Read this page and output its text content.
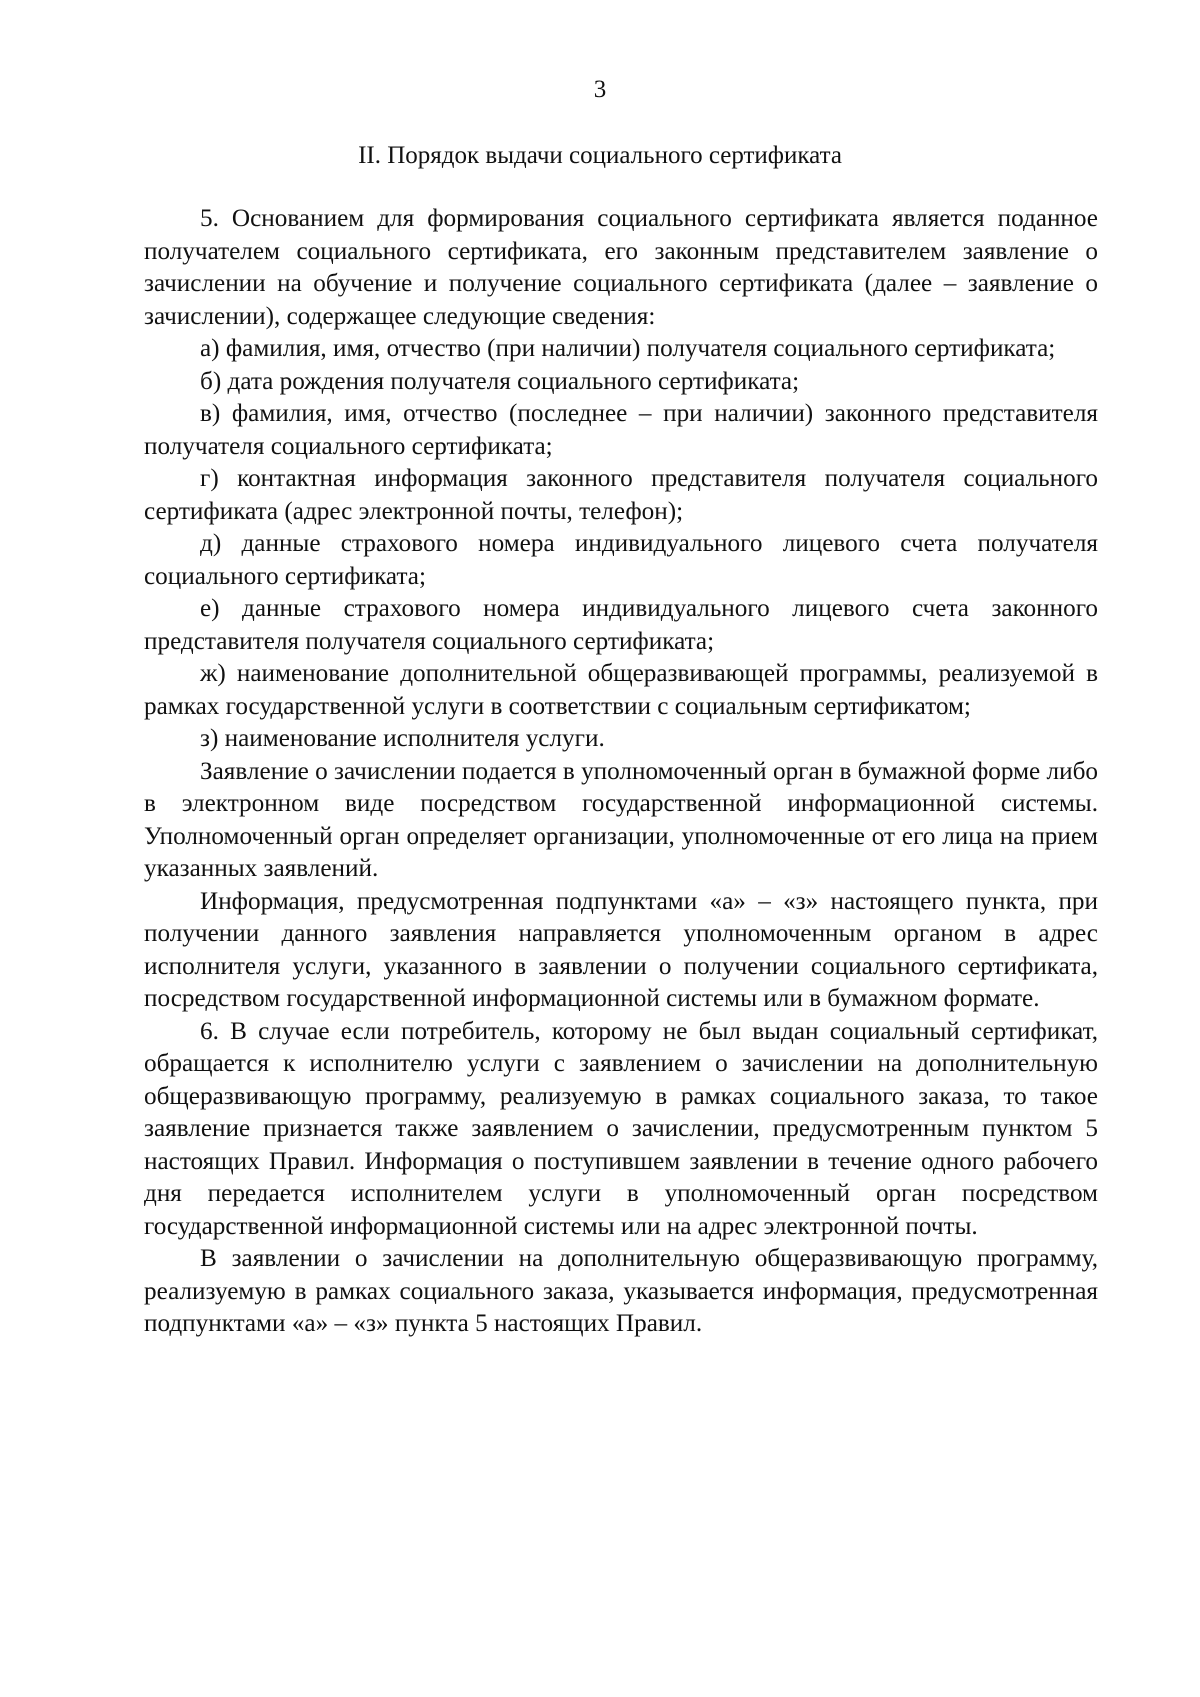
3
II. Порядок выдачи социального сертификата

5. Основанием для формирования социального сертификата является поданное получателем социального сертификата, его законным представителем заявление о зачислении на обучение и получение социального сертификата (далее – заявление о зачислении), содержащее следующие сведения:

а) фамилия, имя, отчество (при наличии) получателя социального сертификата;

б) дата рождения получателя социального сертификата;

в) фамилия, имя, отчество (последнее – при наличии) законного представителя получателя социального сертификата;

г) контактная информация законного представителя получателя социального сертификата (адрес электронной почты, телефон);

д) данные страхового номера индивидуального лицевого счета получателя социального сертификата;

е) данные страхового номера индивидуального лицевого счета законного представителя получателя социального сертификата;

ж) наименование дополнительной общеразвивающей программы, реализуемой в рамках государственной услуги в соответствии с социальным сертификатом;

з) наименование исполнителя услуги.

Заявление о зачислении подается в уполномоченный орган в бумажной форме либо в электронном виде посредством государственной информационной системы. Уполномоченный орган определяет организации, уполномоченные от его лица на прием указанных заявлений.

Информация, предусмотренная подпунктами «а» – «з» настоящего пункта, при получении данного заявления направляется уполномоченным органом в адрес исполнителя услуги, указанного в заявлении о получении социального сертификата, посредством государственной информационной системы или в бумажном формате.

6. В случае если потребитель, которому не был выдан социальный сертификат, обращается к исполнителю услуги с заявлением о зачислении на дополнительную общеразвивающую программу, реализуемую в рамках социального заказа, то такое заявление признается также заявлением о зачислении, предусмотренным пунктом 5 настоящих Правил. Информация о поступившем заявлении в течение одного рабочего дня передается исполнителем услуги в уполномоченный орган посредством государственной информационной системы или на адрес электронной почты.

В заявлении о зачислении на дополнительную общеразвивающую программу, реализуемую в рамках социального заказа, указывается информация, предусмотренная подпунктами «а» – «з» пункта 5 настоящих Правил.
